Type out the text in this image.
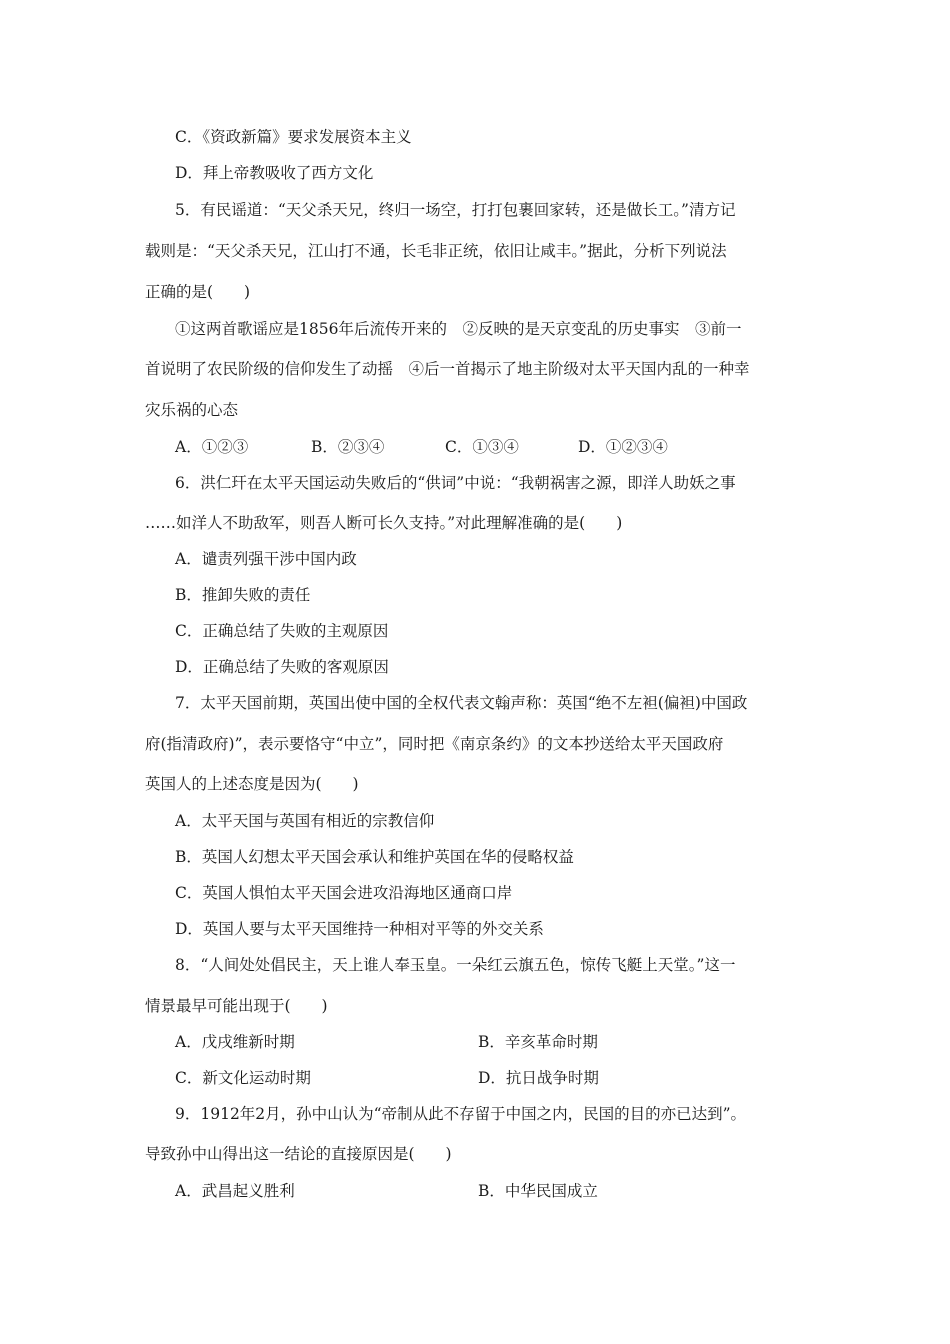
C．《资政新篇》要求发展资本主义
D．拜上帝教吸收了西方文化
5．有民谣道：“天父杀天兄，终归一场空，打打包裹回家转，还是做长工。”清方记
载则是：“天父杀天兄，江山打不通，长毛非正统，依旧让咸丰。”据此，分析下列说法
正确的是(　　)
①这两首歌谣应是1856年后流传开来的　②反映的是天京变乱的历史事实　③前一
首说明了农民阶级的信仰发生了动摇　④后一首揭示了地主阶级对太平天国内乱的一种幸
灾乐祸的心态
A．①②③	B．②③④	C．①③④	D．①②③④
6．洪仁玕在太平天国运动失败后的“供词”中说：“我朝祸害之源，即洋人助妖之事
……如洋人不助敌军，则吾人断可长久支持。”对此理解准确的是(　　)
A．谴责列强干涉中国内政
B．推卸失败的责任
C．正确总结了失败的主观原因
D．正确总结了失败的客观原因
7．太平天国前期，英国出使中国的全权代表文翰声称：英国“绝不左袒(偏袒)中国政
府(指清政府)”，表示要恪守“中立”，同时把《南京条约》的文本抄送给太平天国政府
英国人的上述态度是因为(　　)
A．太平天国与英国有相近的宗教信仰
B．英国人幻想太平天国会承认和维护英国在华的侵略权益
C．英国人惧怕太平天国会进攻沿海地区通商口岸
D．英国人要与太平天国维持一种相对平等的外交关系
8．“人间处处倡民主，天上谁人奉玉皇。一朵红云旗五色，惊传飞艇上天堂。”这一
情景最早可能出现于(　　)
A．戊戌维新时期	B．辛亥革命时期
C．新文化运动时期	D．抗日战争时期
9．1912年2月，孙中山认为“帝制从此不存留于中国之内，民国的目的亦已达到”。
导致孙中山得出这一结论的直接原因是(　　)
A．武昌起义胜利	B．中华民国成立
